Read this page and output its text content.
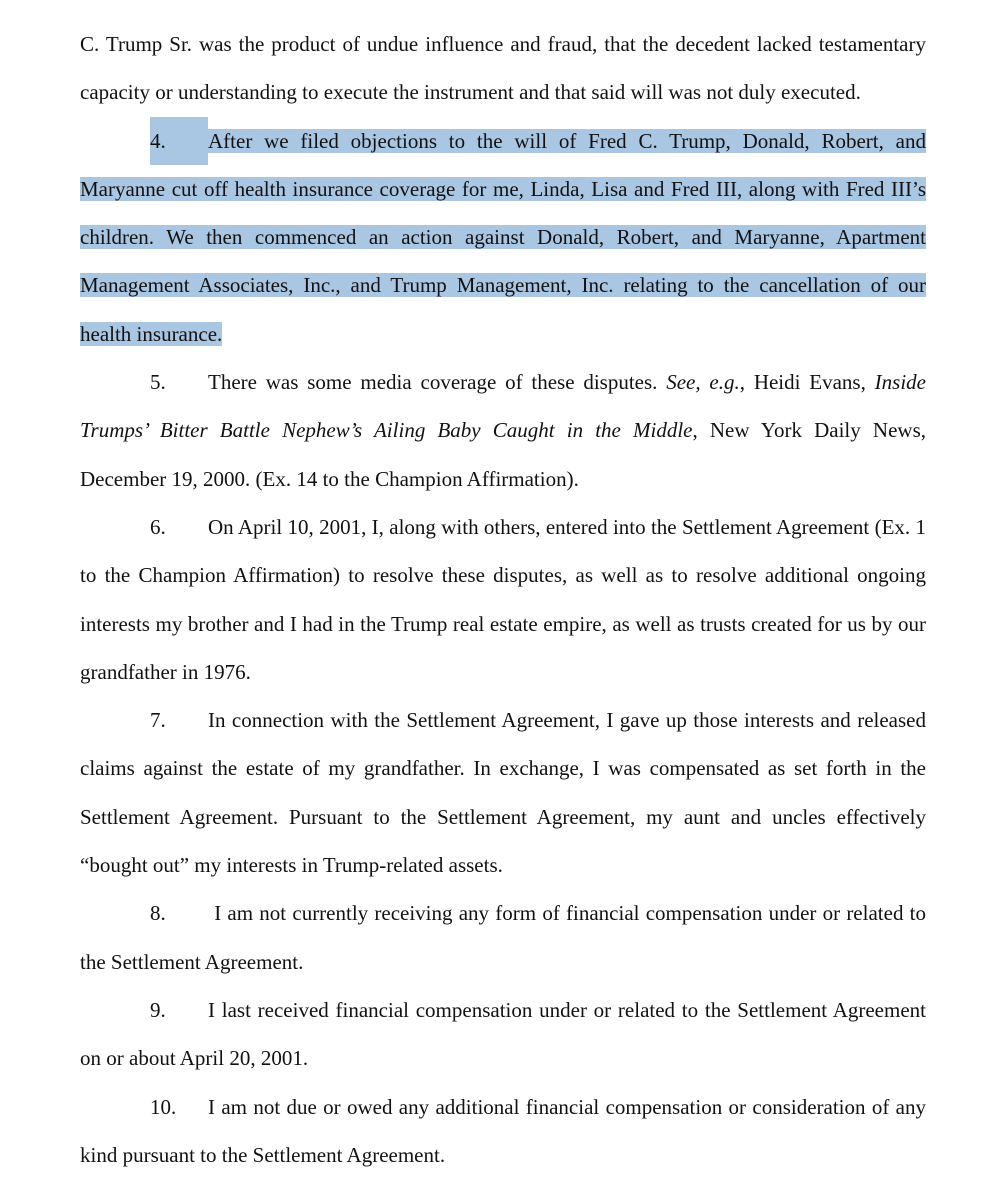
C. Trump Sr. was the product of undue influence and fraud, that the decedent lacked testamentary capacity or understanding to execute the instrument and that said will was not duly executed.

4. After we filed objections to the will of Fred C. Trump, Donald, Robert, and Maryanne cut off health insurance coverage for me, Linda, Lisa and Fred III, along with Fred III’s children. We then commenced an action against Donald, Robert, and Maryanne, Apartment Management Associates, Inc., and Trump Management, Inc. relating to the cancellation of our health insurance.

5. There was some media coverage of these disputes. See, e.g., Heidi Evans, Inside Trumps’ Bitter Battle Nephew’s Ailing Baby Caught in the Middle, New York Daily News, December 19, 2000. (Ex. 14 to the Champion Affirmation).

6. On April 10, 2001, I, along with others, entered into the Settlement Agreement (Ex. 1 to the Champion Affirmation) to resolve these disputes, as well as to resolve additional ongoing interests my brother and I had in the Trump real estate empire, as well as trusts created for us by our grandfather in 1976.

7. In connection with the Settlement Agreement, I gave up those interests and released claims against the estate of my grandfather. In exchange, I was compensated as set forth in the Settlement Agreement. Pursuant to the Settlement Agreement, my aunt and uncles effectively “bought out” my interests in Trump-related assets.

8. I am not currently receiving any form of financial compensation under or related to the Settlement Agreement.

9. I last received financial compensation under or related to the Settlement Agreement on or about April 20, 2001.

10. I am not due or owed any additional financial compensation or consideration of any kind pursuant to the Settlement Agreement.
